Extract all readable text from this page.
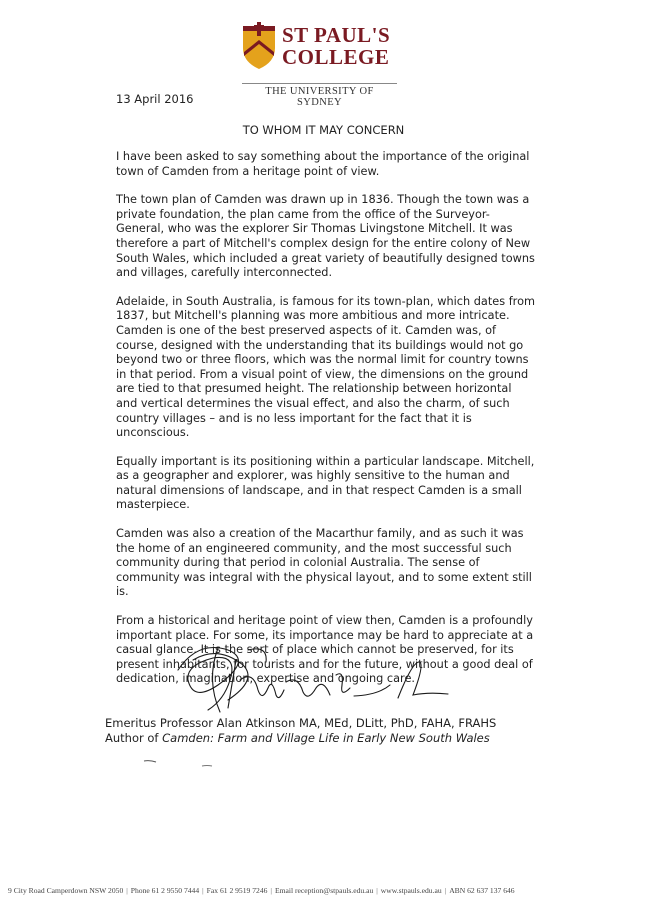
ST PAUL'S
COLLEGE
THE UNIVERSITY OF SYDNEY
13 April 2016
TO WHOM IT MAY CONCERN

I have been asked to say something about the importance of the original town of Camden from a heritage point of view.

The town plan of Camden was drawn up in 1836. Though the town was a private foundation, the plan came from the office of the Surveyor-General, who was the explorer Sir Thomas Livingstone Mitchell. It was therefore a part of Mitchell's complex design for the entire colony of New South Wales, which included a great variety of beautifully designed towns and villages, carefully interconnected.

Adelaide, in South Australia, is famous for its town-plan, which dates from 1837, but Mitchell's planning was more ambitious and more intricate. Camden is one of the best preserved aspects of it. Camden was, of course, designed with the understanding that its buildings would not go beyond two or three floors, which was the normal limit for country towns in that period. From a visual point of view, the dimensions on the ground are tied to that presumed height. The relationship between horizontal and vertical determines the visual effect, and also the charm, of such country villages – and is no less important for the fact that it is unconscious.

Equally important is its positioning within a particular landscape. Mitchell, as a geographer and explorer, was highly sensitive to the human and natural dimensions of landscape, and in that respect Camden is a small masterpiece.

Camden was also a creation of the Macarthur family, and as such it was the home of an engineered community, and the most successful such community during that period in colonial Australia. The sense of community was integral with the physical layout, and to some extent still is.

From a historical and heritage point of view then, Camden is a profoundly important place. For some, its importance may be hard to appreciate at a casual glance. It is the sort of place which cannot be preserved, for its present inhabitants, for tourists and for the future, without a good deal of dedication, imagination, expertise and ongoing care.

Emeritus Professor Alan Atkinson MA, MEd, DLitt, PhD, FAHA, FRAHS
Author of Camden: Farm and Village Life in Early New South Wales
9 City Road Camperdown NSW 2050 | Phone 61 2 9550 7444 | Fax 61 2 9519 7246 | Email reception@stpauls.edu.au | www.stpauls.edu.au | ABN 62 637 137 646
